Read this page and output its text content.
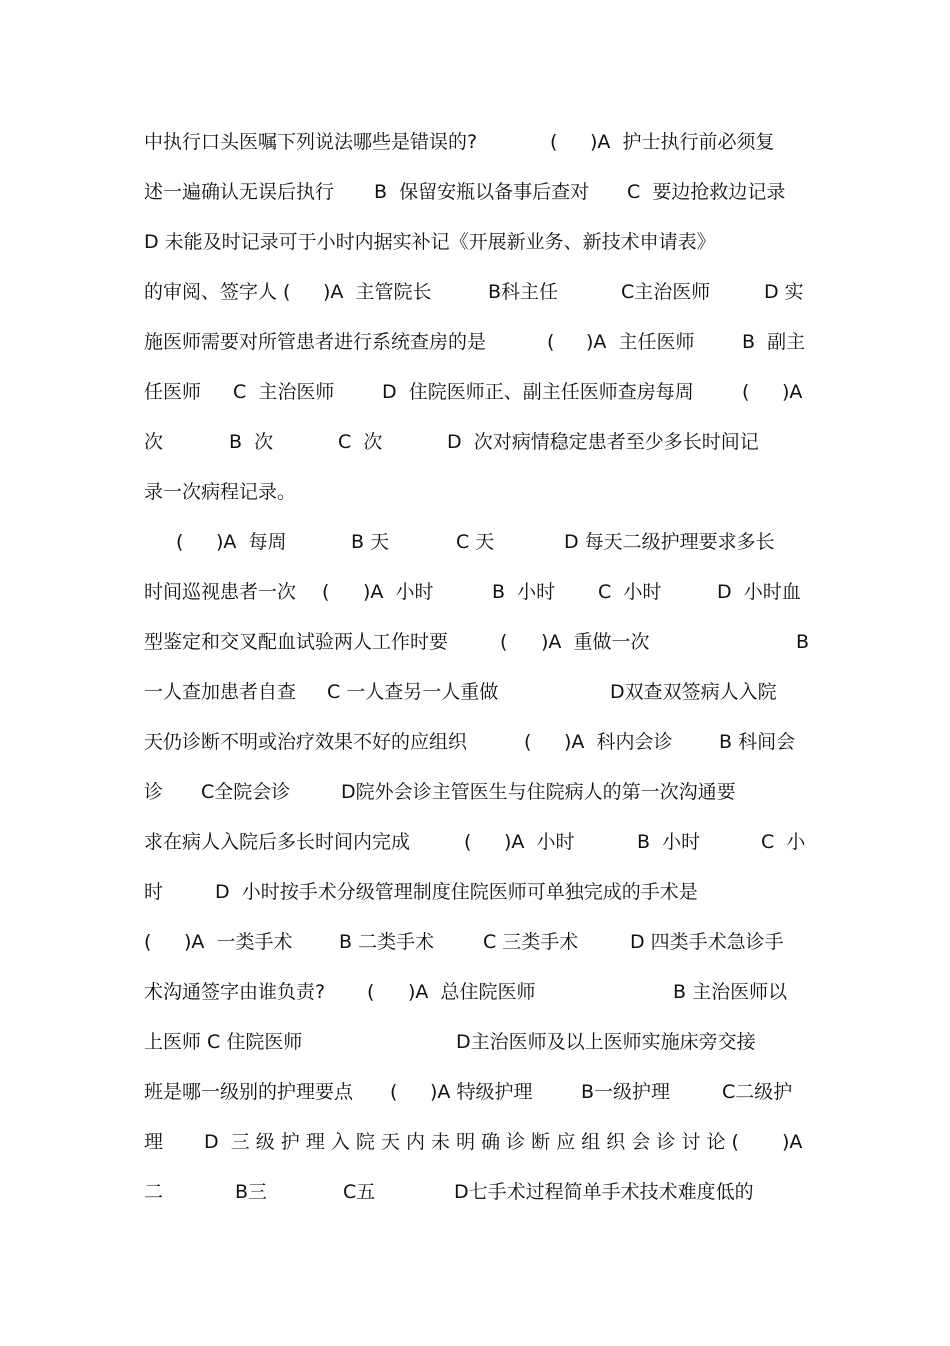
中执行口头医嘱下列说法哪些是错误的?

	(

)A  护士执行前必须复

述一遍确认无误后执行

B  保留安瓶以备事后查对

C  要边抢救边记录

D 未能及时记录可于小时内据实补记《开展新业务、新技术申请表》

的审阅、签字人 (

)A  主管院长

	B科主任

	C主治医师

	D 实

施医师需要对所管患者进行系统查房的是

	(

)A  主任医师

	B  副主

任医师

C  主治医师

	D  住院医师正、副主任医师查房每周

	(

)A

次

	B  次

	C  次

	D  次对病情稳定患者至少多长时间记

录一次病程记录。

(

)A  每周

	B 天

	C 天

	D 每天二级护理要求多长

时间巡视患者一次

(

)A  小时

	B  小时

C  小时

	D  小时血

型鉴定和交叉配血试验两人工作时要

	(

)A  重做一次

	B

一人查加患者自查

C 一人查另一人重做

	D双查双签病人入院

天仍诊断不明或治疗效果不好的应组织

	(

)A  科内会诊

B 科间会

诊

C全院会诊

	D院外会诊主管医生与住院病人的第一次沟通要

求在病人入院后多长时间内完成

	(

)A  小时

	B  小时

	C  小

时

	D  小时按手术分级管理制度住院医师可单独完成的手术是

(

)A  一类手术

B 二类手术

	C 三类手术

	D 四类手术急诊手

术沟通签字由谁负责?

(

)A  总住院医师

	B 主治医师以

上医师 C 住院医师

	D主治医师及以上医师实施床旁交接

班是哪一级别的护理要点

(

)A 特级护理

	B一级护理

	C二级护

理

D  三 级 护 理 入 院 天 内 未 明 确 诊 断 应 组 织 会 诊 讨 论 (

)A

二

	B三

	C五

	D七手术过程简单手术技术难度低的
